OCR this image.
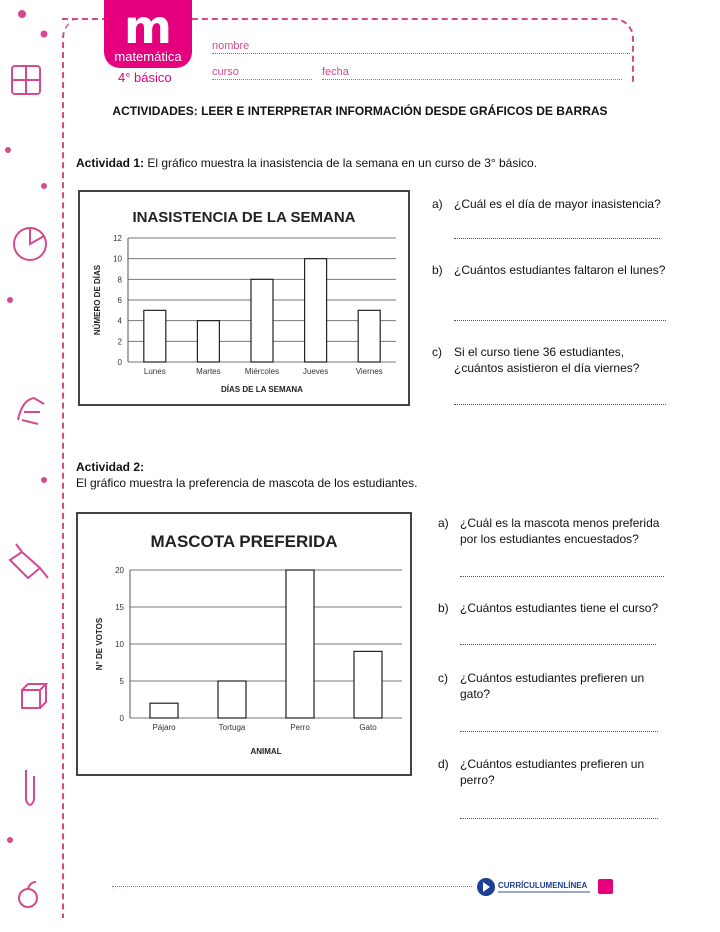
m
matemática
4° básico
nombre
curso	fecha
ACTIVIDADES: LEER E INTERPRETAR INFORMACIÓN DESDE GRÁFICOS DE BARRAS
Actividad 1: El gráfico muestra la inasistencia de la semana en un curso de 3° básico.
INASISTENCIA DE LA SEMANA
0
2
4
6
8
10
12
Lunes	Martes	Miércoles	Jueves	Viernes
DÍAS DE LA SEMANA
NÚMERO DE DÍAS
a) ¿Cuál es el día de mayor inasistencia?
b) ¿Cuántos estudiantes faltaron el lunes?
c) Si el curso tiene 36 estudiantes, ¿cuántos asistieron el día viernes?
Actividad 2:
El gráfico muestra la preferencia de mascota de los estudiantes.
MASCOTA PREFERIDA
0
5
10
15
20
Pájaro	Tortuga	Perro	Gato
ANIMAL
N° DE VOTOS
a) ¿Cuál es la mascota menos preferida por los estudiantes encuestados?
b) ¿Cuántos estudiantes tiene el curso?
c) ¿Cuántos estudiantes prefieren un gato?
d) ¿Cuántos estudiantes prefieren un perro?
CURRÍCULUMENLÍNEA
